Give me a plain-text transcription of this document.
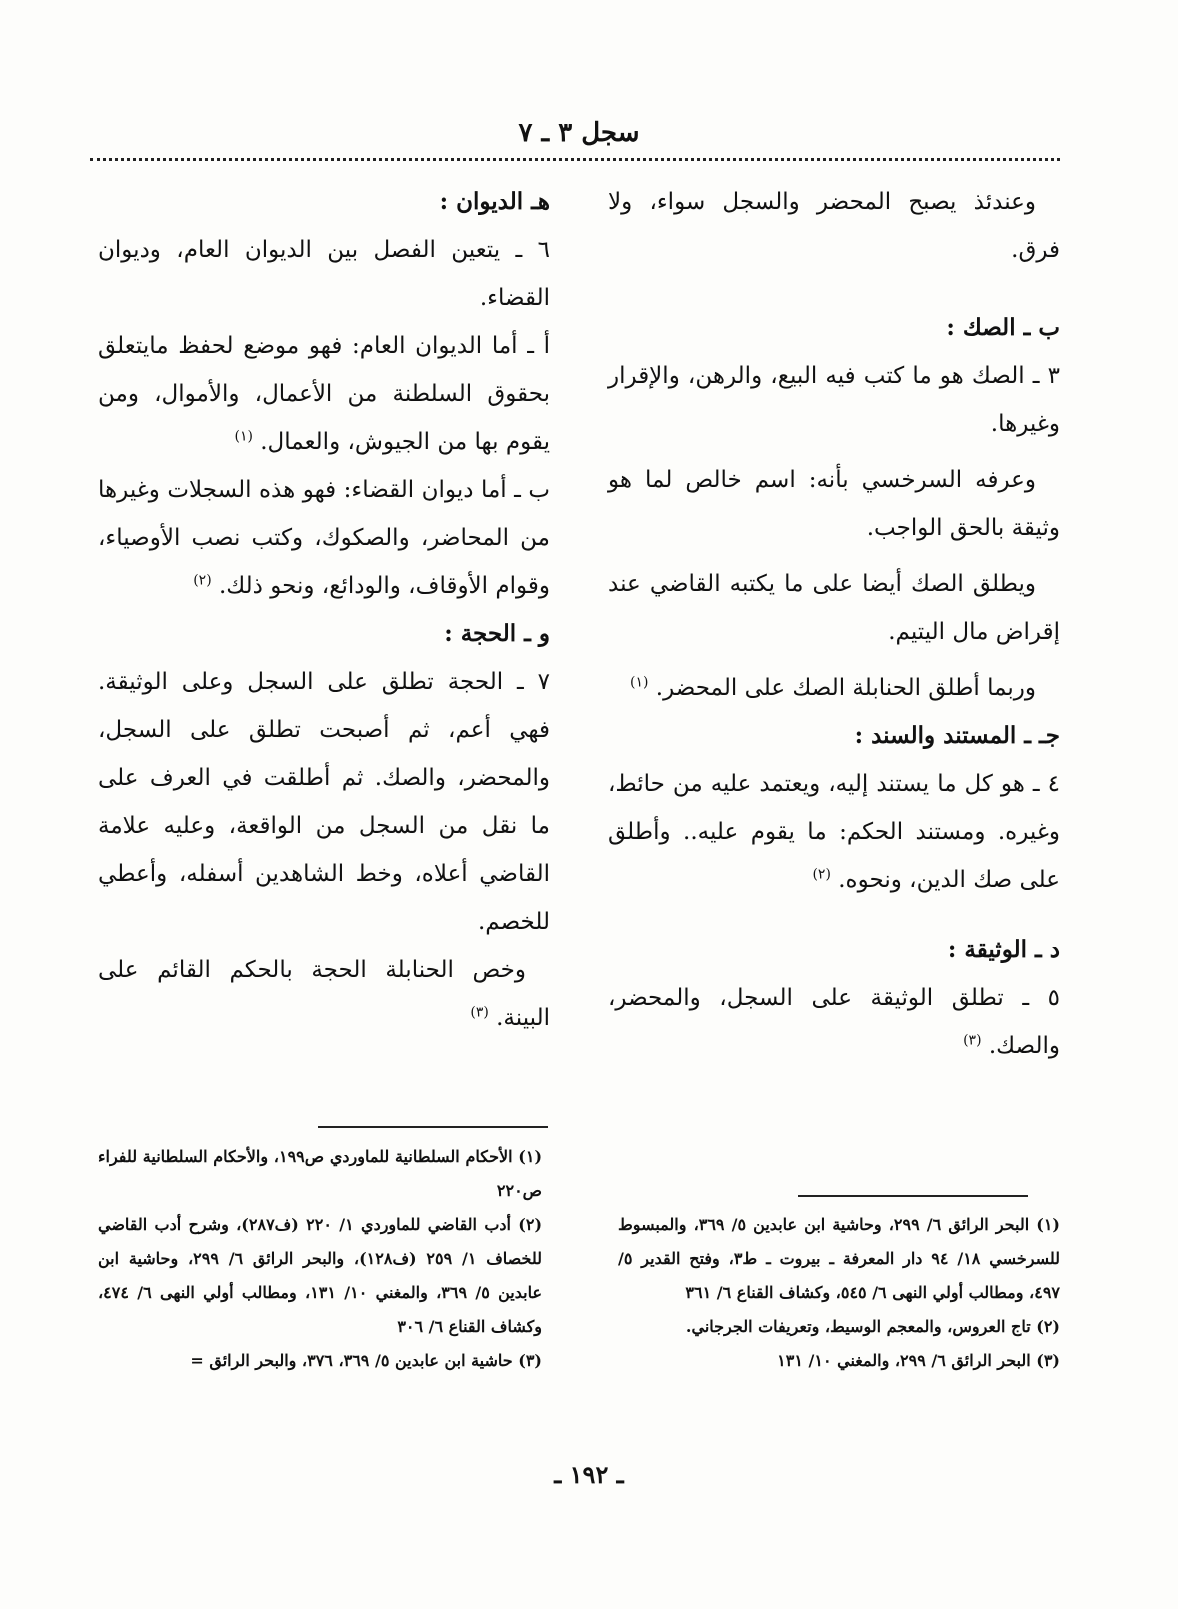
سجل ٣ ـ ٧

وعندئذ يصبح المحضر والسجل سواء، ولا فرق.

ب ـ الصك :

٣ ـ الصك هو ما كتب فيه البيع، والرهن، والإقرار وغيرها.

وعرفه السرخسي بأنه: اسم خالص لما هو وثيقة بالحق الواجب.

ويطلق الصك أيضا على ما يكتبه القاضي عند إقراض مال اليتيم.

وربما أطلق الحنابلة الصك على المحضر. $^{(١)}$

جـ ـ المستند والسند :

٤ ـ هو كل ما يستند إليه، ويعتمد عليه من حائط، وغيره. ومستند الحكم: ما يقوم عليه.. وأطلق على صك الدين، ونحوه. $^{(٢)}$

د ـ الوثيقة :

٥ ـ تطلق الوثيقة على السجل، والمحضر، والصك. $^{(٣)}$

هـ الديوان :

٦ ـ يتعين الفصل بين الديوان العام، وديوان القضاء.

أ ـ أما الديوان العام: فهو موضع لحفظ مايتعلق بحقوق السلطنة من الأعمال، والأموال، ومن يقوم بها من الجيوش، والعمال. $^{(١)}$

ب ـ أما ديوان القضاء: فهو هذه السجلات وغيرها من المحاضر، والصكوك، وكتب نصب الأوصياء، وقوام الأوقاف، والودائع، ونحو ذلك. $^{(٢)}$

و ـ الحجة :

٧ ـ الحجة تطلق على السجل وعلى الوثيقة. فهي أعم، ثم أصبحت تطلق على السجل، والمحضر، والصك. ثم أطلقت في العرف على ما نقل من السجل من الواقعة، وعليه علامة القاضي أعلاه، وخط الشاهدين أسفله، وأعطي للخصم.

وخص الحنابلة الحجة بالحكم القائم على البينة. $^{(٣)}$

(١) البحر الرائق ٦/ ٢٩٩، وحاشية ابن عابدين ٥/ ٣٦٩، والمبسوط للسرخسي ١٨/ ٩٤ دار المعرفة ـ بيروت ـ ط٣، وفتح القدير ٥/ ٤٩٧، ومطالب أولي النهى ٦/ ٥٤٥، وكشاف القناع ٦/ ٣٦١

(٢) تاج العروس، والمعجم الوسيط، وتعريفات الجرجاني.

(٣) البحر الرائق ٦/ ٢٩٩، والمغني ١٠/ ١٣١

(١) الأحكام السلطانية للماوردي ص١٩٩، والأحكام السلطانية للفراء ص٢٢٠

(٢) أدب القاضي للماوردي ١/ ٢٢٠ (ف٢٨٧)، وشرح أدب القاضي للخصاف ١/ ٢٥٩ (ف١٢٨)، والبحر الرائق ٦/ ٢٩٩، وحاشية ابن عابدين ٥/ ٣٦٩، والمغني ١٠/ ١٣١، ومطالب أولي النهى ٦/ ٤٧٤، وكشاف القناع ٦/ ٣٠٦

(٣) حاشية ابن عابدين ٥/ ٣٦٩، ٣٧٦، والبحر الرائق =

ـ ١٩٢ ـ
